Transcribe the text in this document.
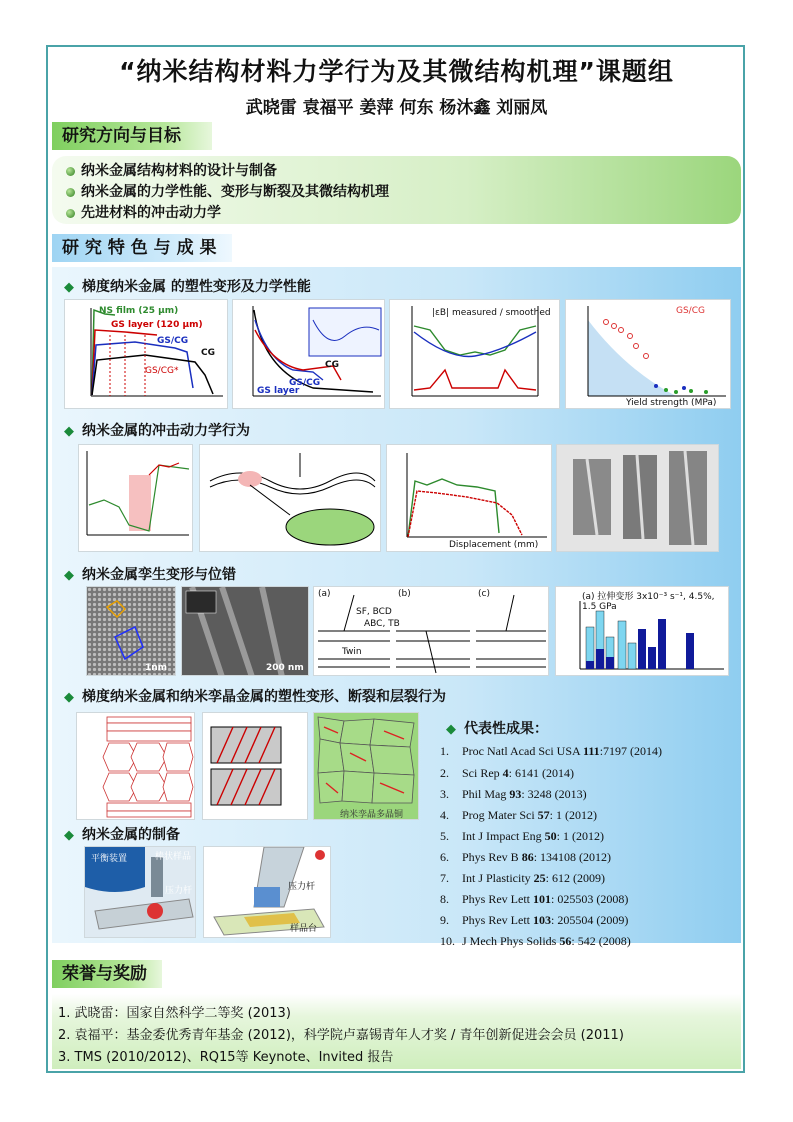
“纳米结构材料力学行为及其微结构机理”课题组
武晓雷 袁福平 姜萍 何东 杨沐鑫 刘丽凤
研究方向与目标
纳米金属结构材料的设计与制备
纳米金属的力学性能、变形与断裂及其微结构机理
先进材料的冲击动力学
研 究 特 色 与 成 果
◆ 梯度纳米金属 的塑性变形及力学性能
NS film (25 μm)
GS layer (120 μm)
GS/CG
CG
GS/CG*
GS/CG
GS layer
CG
|εB| measured / smoothed	GS/CG
Yield strength (MPa)
◆ 纳米金属的冲击动力学行为
Displacement (mm)
◆ 纳米金属孪生变形与位错
1nm	200 nm
(a)	(b)	(c)
SF, BCD
ABC, TB
Twin
(a) 拉伸变形 3x10⁻³ s⁻¹, 4.5%, 1.5 GPa
◆ 梯度纳米金属和纳米孪晶金属的塑性变形、断裂和层裂行为
纳米孪晶多晶铜
◆ 纳米金属的制备
平衡装置	棒状样品
压力杆	压力杆
样品台
◆ 代表性成果：
1. Proc Natl Acad Sci USA 111:7197 (2014)
2. Sci Rep 4: 6141 (2014)
3. Phil Mag 93: 3248 (2013)
4. Prog Mater Sci 57: 1 (2012)
5. Int J Impact Eng 50: 1 (2012)
6. Phys Rev B 86: 134108 (2012)
7. Int J Plasticity 25: 612 (2009)
8. Phys Rev Lett 101: 025503 (2008)
9. Phys Rev Lett 103: 205504 (2009)
10. J Mech Phys Solids 56: 542 (2008)
荣誉与奖励
1. 武晓雷：国家自然科学二等奖 (2013)
2. 袁福平：基金委优秀青年基金 (2012)，科学院卢嘉锡青年人才奖 / 青年创新促进会会员 (2011)
3. TMS (2010/2012)、RQ15等 Keynote、Invited 报告
